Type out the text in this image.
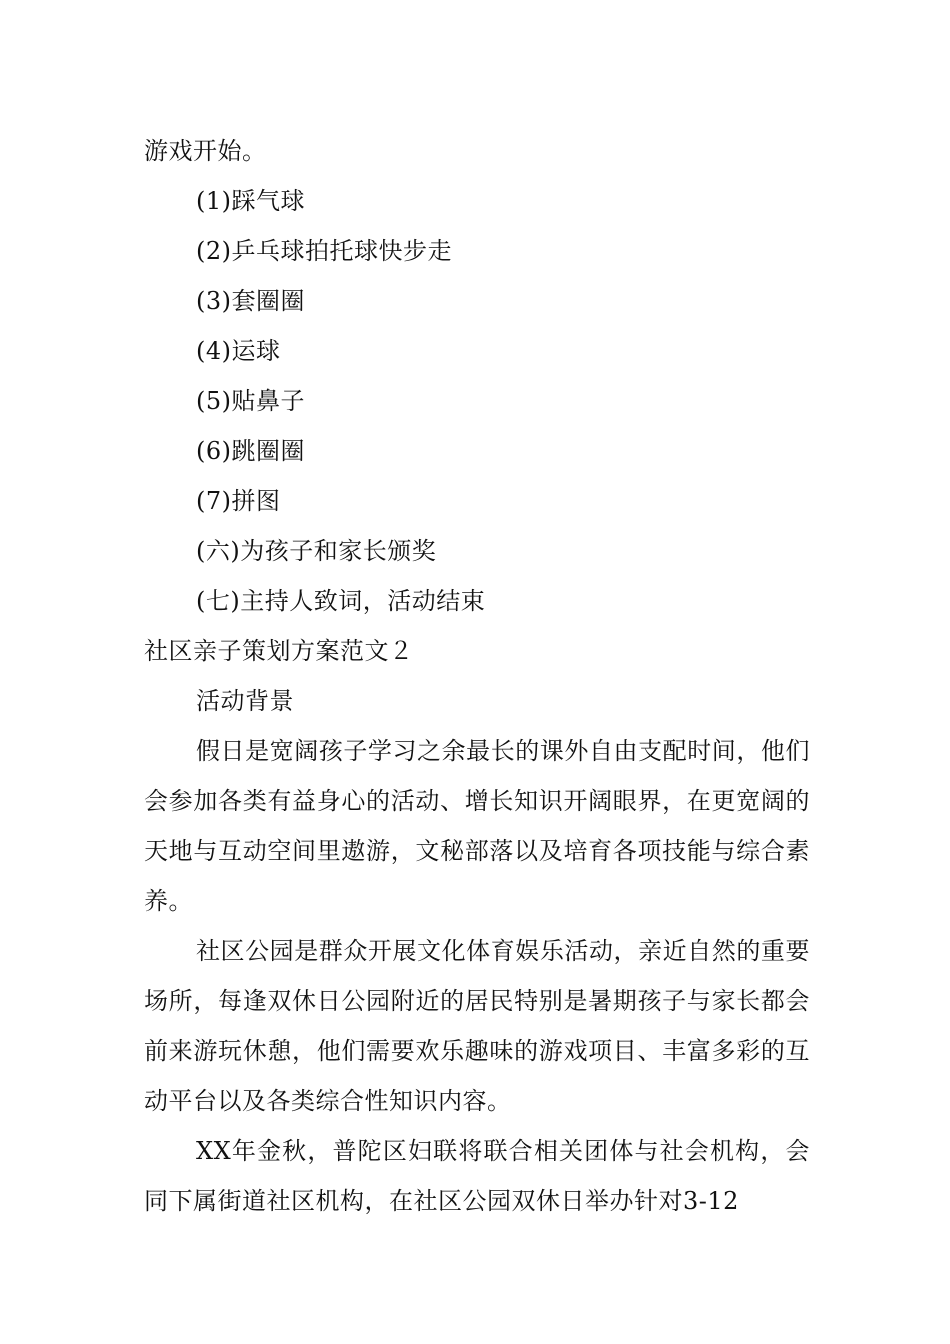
游戏开始。
(1)踩气球
(2)乒乓球拍托球快步走
(3)套圈圈
(4)运球
(5)贴鼻子
(6)跳圈圈
(7)拼图
(六)为孩子和家长颁奖
(七)主持人致词，活动结束
社区亲子策划方案范文２
活动背景

假日是宽阔孩子学习之余最长的课外自由支配时间，他们会参加各类有益身心的活动、增长知识开阔眼界，在更宽阔的天地与互动空间里遨游，文秘部落以及培育各项技能与综合素养。

社区公园是群众开展文化体育娱乐活动，亲近自然的重要场所，每逢双休日公园附近的居民特别是暑期孩子与家长都会前来游玩休憩，他们需要欢乐趣味的游戏项目、丰富多彩的互动平台以及各类综合性知识内容。

XX年金秋，普陀区妇联将联合相关团体与社会机构，会同下属街道社区机构，在社区公园双休日举办针对3-12
